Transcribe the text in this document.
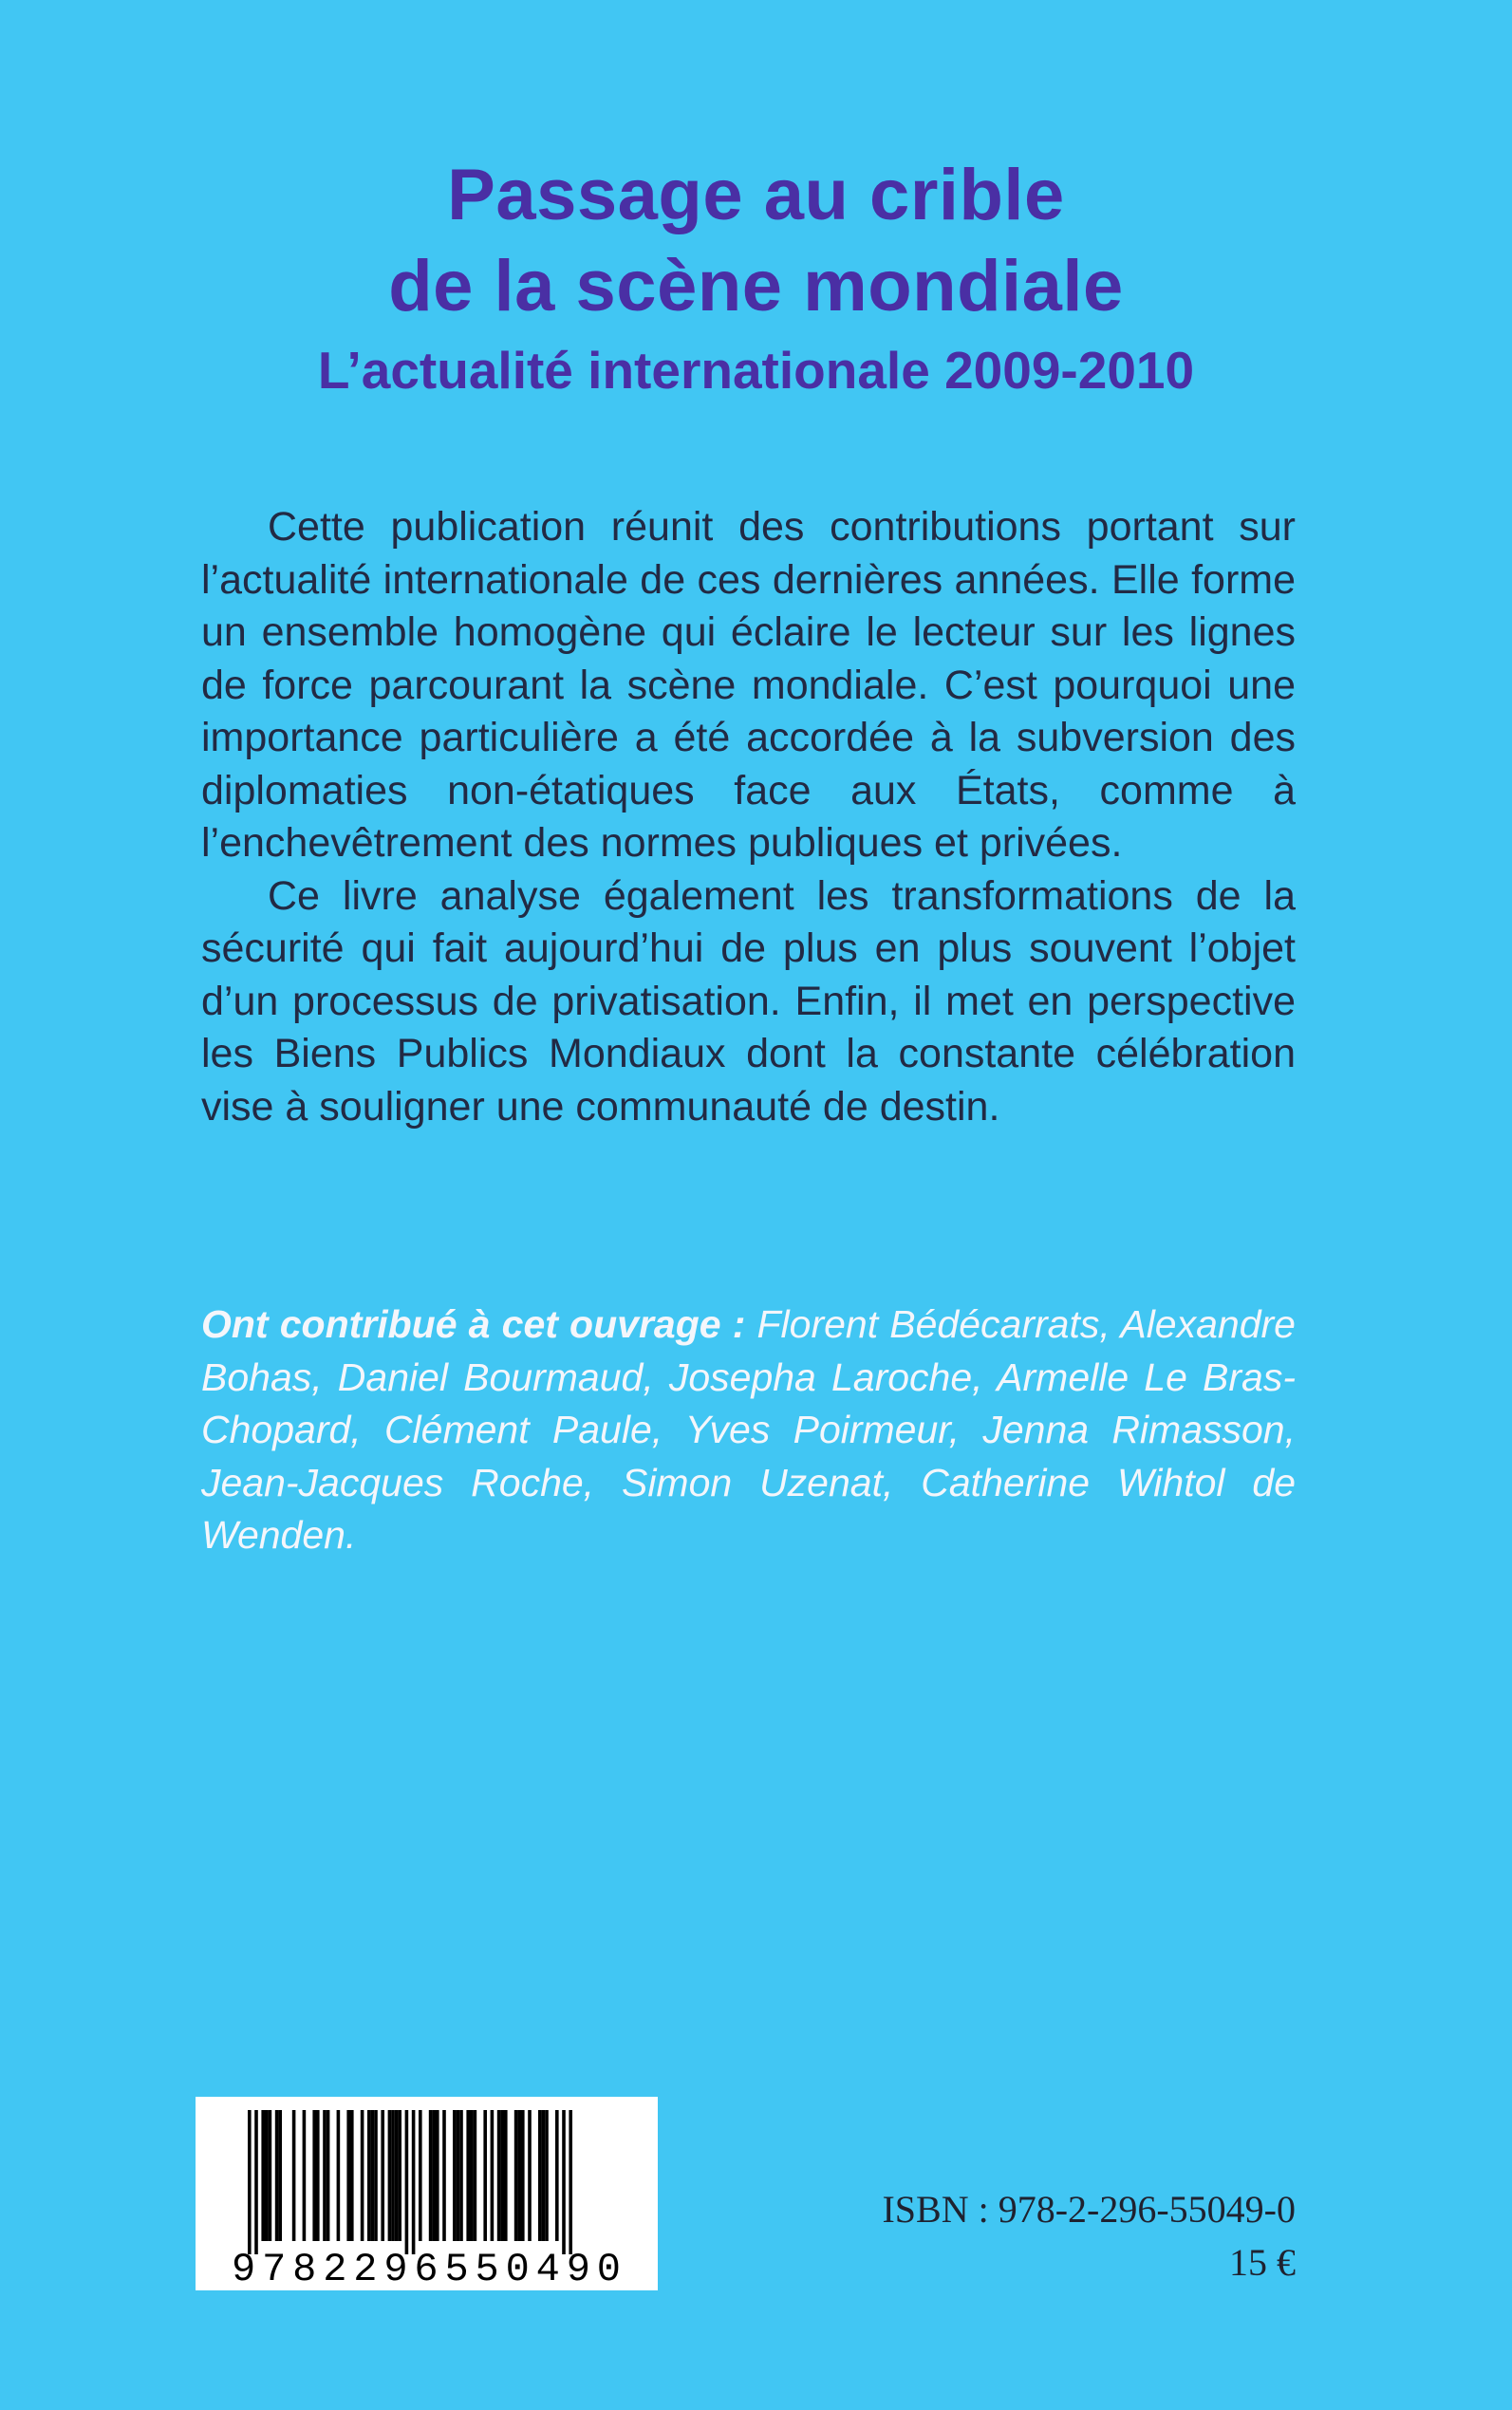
Passage au crible
de la scène mondiale
L’actualité internationale 2009-2010

Cette publication réunit des contributions portant sur l’actualité internationale de ces dernières années. Elle forme un ensemble homogène qui éclaire le lecteur sur les lignes de force parcourant la scène mondiale. C’est pourquoi une importance particulière a été accordée à la subversion des diplomaties non-étatiques face aux États, comme à l’enchevêtrement des normes publiques et privées.

Ce livre analyse également les transformations de la sécurité qui fait aujourd’hui de plus en plus souvent l’objet d’un processus de privatisation. Enfin, il met en perspective les Biens Publics Mondiaux dont la constante célébration vise à souligner une communauté de destin.

Ont contribué à cet ouvrage : Florent Bédécarrats, Alexandre Bohas, Daniel Bourmaud, Josepha Laroche, Armelle Le Bras-Chopard, Clément Paule, Yves Poirmeur, Jenna Rimasson, Jean-Jacques Roche, Simon Uzenat, Catherine Wihtol de Wenden.
9782296550490
ISBN : 978-2-296-55049-0
15 €
